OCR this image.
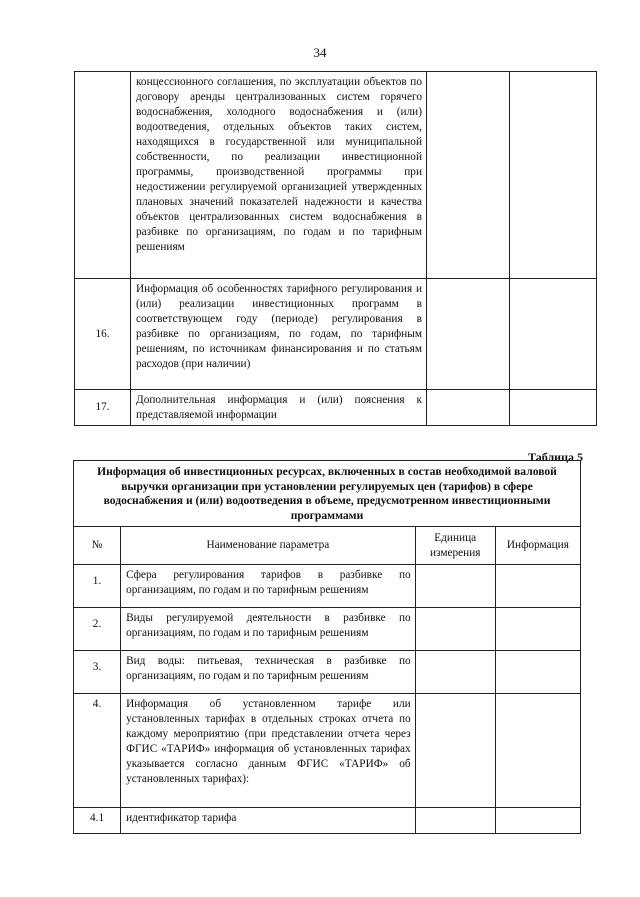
34
	концессионного соглашения, по эксплуатации объектов по договору аренды централизованных систем горячего водоснабжения, холодного водоснабжения и (или) водоотведения, отдельных объектов таких систем, находящихся в государственной или муниципальной собственности, по реализации инвестиционной программы, производственной программы при недостижении регулируемой организацией утвержденных плановых значений показателей надежности и качества объектов централизованных систем водоснабжения в разбивке по организациям, по годам и по тарифным решениям		
16.	Информация об особенностях тарифного регулирования и (или) реализации инвестиционных программ в соответствующем году (периоде) регулирования в разбивке по организациям, по годам, по тарифным решениям, по источникам финансирования и по статьям расходов (при наличии)		
17.	Дополнительная информация и (или) пояснения к представляемой информации		
Таблица 5
Информация об инвестиционных ресурсах, включенных в состав необходимой валовой выручки организации при установлении регулируемых цен (тарифов) в сфере водоснабжения и (или) водоотведения в объеме, предусмотренном инвестиционными программами			
№	Наименование параметра	Единица измерения	Информация
1.	Сфера регулирования тарифов в разбивке по организациям, по годам и по тарифным решениям		
2.	Виды регулируемой деятельности в разбивке по организациям, по годам и по тарифным решениям		
3.	Вид воды: питьевая, техническая в разбивке по организациям, по годам и по тарифным решениям		
4.	Информация об установленном тарифе или установленных тарифах в отдельных строках отчета по каждому мероприятию (при представлении отчета через ФГИС «ТАРИФ» информация об установленных тарифах указывается согласно данным ФГИС «ТАРИФ» об установленных тарифах):		
4.1	идентификатор тарифа		
